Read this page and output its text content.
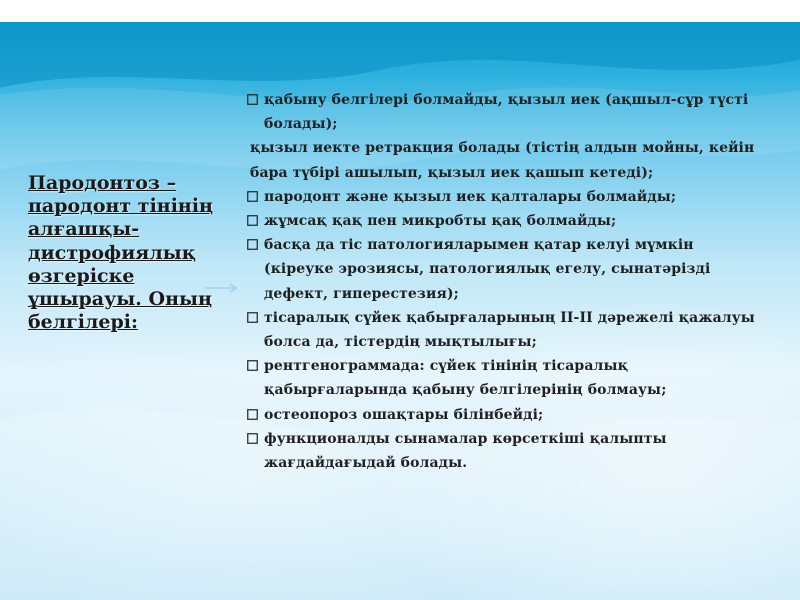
Пародонтоз – пародонт тінінің алғашқы-дистрофиялық өзгеріске ұшырауы. Оның белгілері:
қабыну белгілері болмайды, қызыл иек (ақшыл-сұр түсті болады);
қызыл иекте ретракция болады (тістің алдын мойны, кейін бара түбірі ашылып, қызыл иек қашып кетеді);
пародонт және қызыл иек қалталары болмайды;
жұмсақ қақ пен микробты қақ болмайды;
басқа да тіс патологияларымен қатар келуі мүмкін (кіреуке эрозиясы, патологиялық егелу, сынатәрізді дефект, гиперестезия);
тісаралық сүйек қабырғаларының II-II дәрежелі қажалуы болса да, тістердің мықтылығы;
рентгенограммада: сүйек тінінің тісаралық қабырғаларында қабыну белгілерінің болмауы;
остеопороз ошақтары білінбейді;
функционалды сынамалар көрсеткіші қалыпты жағдайдағыдай болады.
